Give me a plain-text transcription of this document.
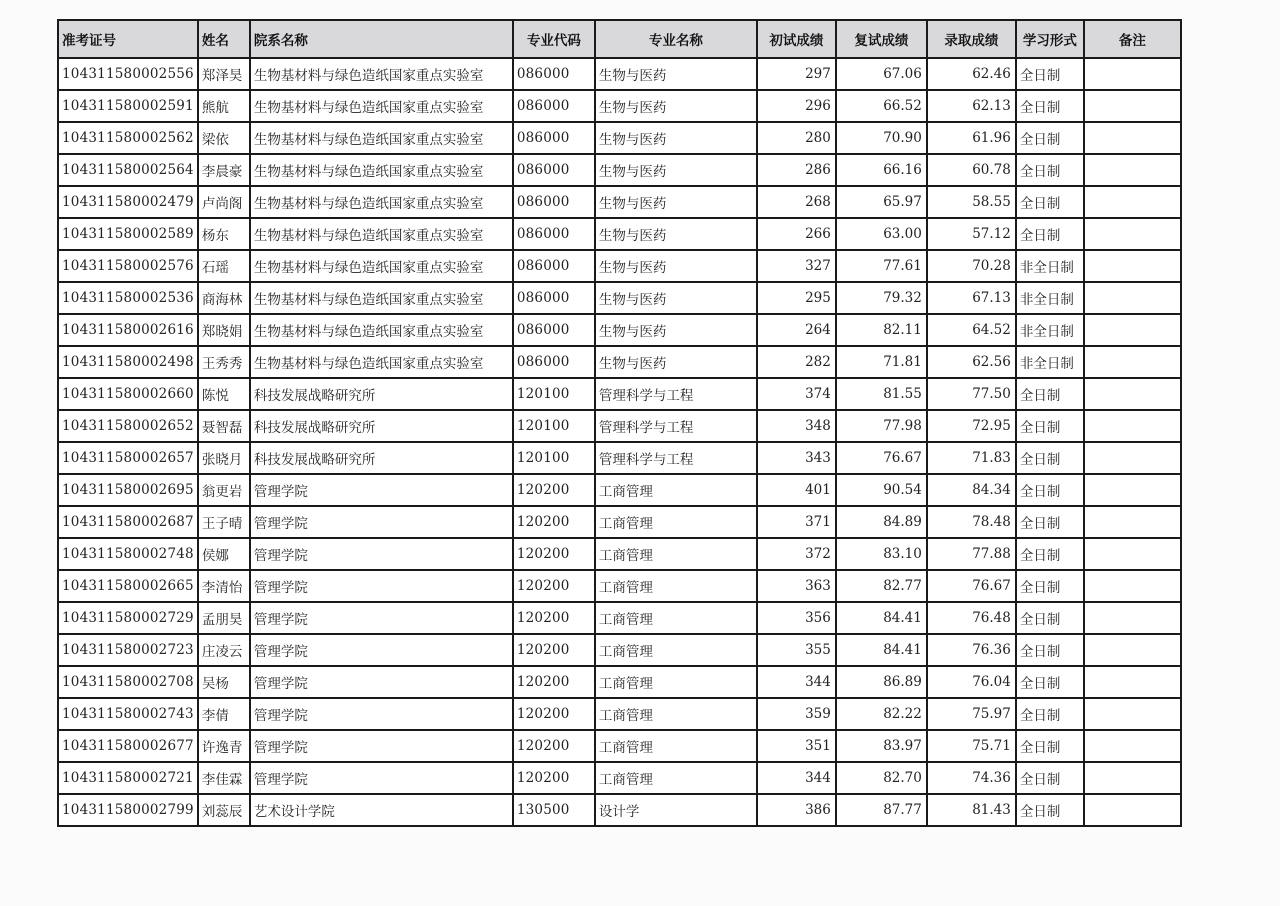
准考证号	姓名	院系名称	专业代码	专业名称	初试成绩	复试成绩	录取成绩	学习形式	备注
104311580002556	郑泽昊	生物基材料与绿色造纸国家重点实验室	086000	生物与医药	297	67.06	62.46	全日制	
104311580002591	熊航	生物基材料与绿色造纸国家重点实验室	086000	生物与医药	296	66.52	62.13	全日制	
104311580002562	梁依	生物基材料与绿色造纸国家重点实验室	086000	生物与医药	280	70.90	61.96	全日制	
104311580002564	李晨豪	生物基材料与绿色造纸国家重点实验室	086000	生物与医药	286	66.16	60.78	全日制	
104311580002479	卢尚阁	生物基材料与绿色造纸国家重点实验室	086000	生物与医药	268	65.97	58.55	全日制	
104311580002589	杨东	生物基材料与绿色造纸国家重点实验室	086000	生物与医药	266	63.00	57.12	全日制	
104311580002576	石瑶	生物基材料与绿色造纸国家重点实验室	086000	生物与医药	327	77.61	70.28	非全日制	
104311580002536	商海林	生物基材料与绿色造纸国家重点实验室	086000	生物与医药	295	79.32	67.13	非全日制	
104311580002616	郑晓娟	生物基材料与绿色造纸国家重点实验室	086000	生物与医药	264	82.11	64.52	非全日制	
104311580002498	王秀秀	生物基材料与绿色造纸国家重点实验室	086000	生物与医药	282	71.81	62.56	非全日制	
104311580002660	陈悦	科技发展战略研究所	120100	管理科学与工程	374	81.55	77.50	全日制	
104311580002652	聂智磊	科技发展战略研究所	120100	管理科学与工程	348	77.98	72.95	全日制	
104311580002657	张晓月	科技发展战略研究所	120100	管理科学与工程	343	76.67	71.83	全日制	
104311580002695	翁更岩	管理学院	120200	工商管理	401	90.54	84.34	全日制	
104311580002687	王子晴	管理学院	120200	工商管理	371	84.89	78.48	全日制	
104311580002748	侯娜	管理学院	120200	工商管理	372	83.10	77.88	全日制	
104311580002665	李清怡	管理学院	120200	工商管理	363	82.77	76.67	全日制	
104311580002729	孟朋昊	管理学院	120200	工商管理	356	84.41	76.48	全日制	
104311580002723	庄凌云	管理学院	120200	工商管理	355	84.41	76.36	全日制	
104311580002708	吴杨	管理学院	120200	工商管理	344	86.89	76.04	全日制	
104311580002743	李倩	管理学院	120200	工商管理	359	82.22	75.97	全日制	
104311580002677	许逸青	管理学院	120200	工商管理	351	83.97	75.71	全日制	
104311580002721	李佳霖	管理学院	120200	工商管理	344	82.70	74.36	全日制	
104311580002799	刘蕊辰	艺术设计学院	130500	设计学	386	87.77	81.43	全日制	
